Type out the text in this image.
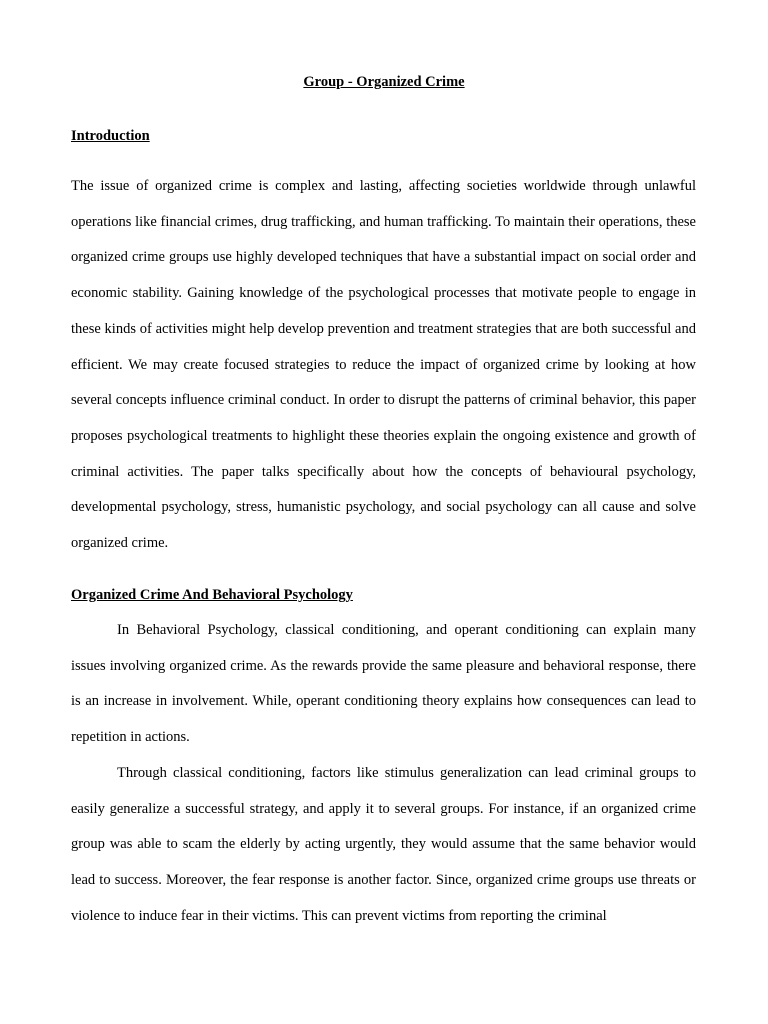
Group - Organized Crime

Introduction

The issue of organized crime is complex and lasting, affecting societies worldwide through unlawful operations like financial crimes, drug trafficking, and human trafficking. To maintain their operations, these organized crime groups use highly developed techniques that have a substantial impact on social order and economic stability. Gaining knowledge of the psychological processes that motivate people to engage in these kinds of activities might help develop prevention and treatment strategies that are both successful and efficient. We may create focused strategies to reduce the impact of organized crime by looking at how several concepts influence criminal conduct. In order to disrupt the patterns of criminal behavior, this paper proposes psychological treatments to highlight these theories explain the ongoing existence and growth of criminal activities. The paper talks specifically about how the concepts of behavioural psychology, developmental psychology, stress, humanistic psychology, and social psychology can all cause and solve organized crime.

Organized Crime And Behavioral Psychology

In Behavioral Psychology, classical conditioning, and operant conditioning can explain many issues involving organized crime. As the rewards provide the same pleasure and behavioral response, there is an increase in involvement. While, operant conditioning theory explains how consequences can lead to repetition in actions.

Through classical conditioning, factors like stimulus generalization can lead criminal groups to easily generalize a successful strategy, and apply it to several groups. For instance, if an organized crime group was able to scam the elderly by acting urgently, they would assume that the same behavior would lead to success. Moreover, the fear response is another factor. Since, organized crime groups use threats or violence to induce fear in their victims. This can prevent victims from reporting the criminal
